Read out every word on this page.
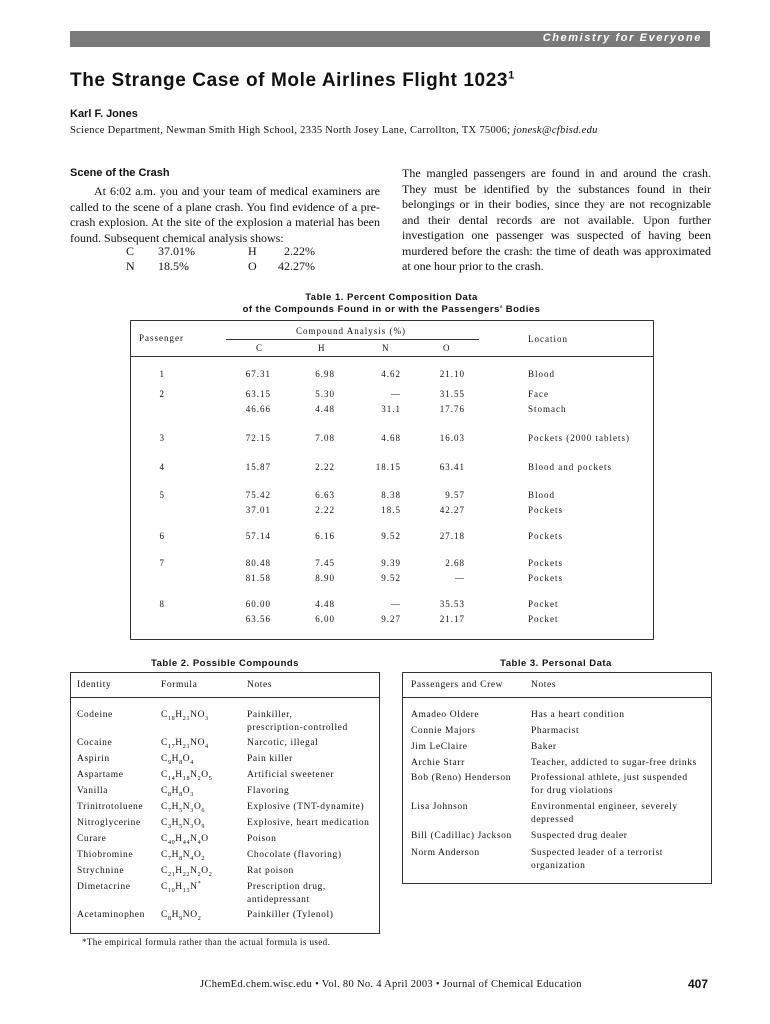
Chemistry for Everyone
The Strange Case of Mole Airlines Flight 1023$^1$
Karl F. Jones
Science Department, Newman Smith High School, 2335 North Josey Lane, Carrollton, TX 75006; jonesk@cfbisd.edu
Scene of the Crash
At 6:02 a.m. you and your team of medical examiners are called to the scene of a plane crash. You find evidence of a pre-crash explosion. At the site of the explosion a material has been found. Subsequent chemical analysis shows:
C 37.01%	H 2.22%
N 18.5%	O 42.27%
The mangled passengers are found in and around the crash. They must be identified by the substances found in their belongings or in their bodies, since they are not recognizable and their dental records are not available. Upon further investigation one passenger was suspected of having been murdered before the crash: the time of death was approximated at one hour prior to the crash.
Table 1. Percent Composition Data
of the Compounds Found in or with the Passengers' Bodies
Passenger
Compound Analysis (%)
C	H	N	O
Location
1	67.31	6.98	4.62	21.10	Blood
2	63.15	5.30	—	31.55	Face
46.66	4.48	31.1	17.76	Stomach
3	72.15	7.08	4.68	16.03	Pockets (2000 tablets)
4	15.87	2.22	18.15	63.41	Blood and pockets
5	75.42	6.63	8.38	9.57	Blood
37.01	2.22	18.5	42.27	Pockets
6	57.14	6.16	9.52	27.18	Pockets
7	80.48	7.45	9.39	2.68	Pockets
81.58	8.90	9.52	—	Pockets
8	60.00	4.48	—	35.53	Pocket
63.56	6.00	9.27	21.17	Pocket
Table 2. Possible Compounds
Identity	Formula	Notes
Codeine	$C_{18}H_{21}NO_3$	Painkiller,
prescription-controlled
Cocaine	$C_{17}H_{21}NO_4$	Narcotic, illegal
Aspirin	$C_9H_8O_4$	Pain killer
Aspartame	$C_{14}H_{18}N_2O_5$	Artificial sweetener
Vanilla	$C_8H_8O_3$	Flavoring
Trinitrotoluene $C_7H_5N_3O_6$	Explosive (TNT-dynamite)
Nitroglycerine $C_3H_5N_3O_9$	Explosive, heart medication
Curare	$C_{40}H_{44}N_4O$	Poison
Thiobromine	$C_7H_8N_4O_2$	Chocolate (flavoring)
Strychnine	$C_{21}H_{22}N_2O_2$	Rat poison
Dimetacrine	$C_{10}H_{13}N^*$	Prescription drug,
antidepressant
Acetaminophen $C_8H_9NO_2$	Painkiller (Tylenol)
*The empirical formula rather than the actual formula is used.
Table 3. Personal Data
Passengers and Crew	Notes
Amadeo Oldere	Has a heart condition
Connie Majors	Pharmacist
Jim LeClaire	Baker
Archie Starr	Teacher, addicted to sugar-free drinks
Bob (Reno) Henderson Professional athlete, just suspended
for drug violations
Lisa Johnson	Environmental engineer, severely
depressed
Bill (Cadillac) Jackson Suspected drug dealer
Norm Anderson	Suspected leader of a terrorist
organization
JChemEd.chem.wisc.edu • Vol. 80 No. 4 April 2003 • Journal of Chemical Education	407
